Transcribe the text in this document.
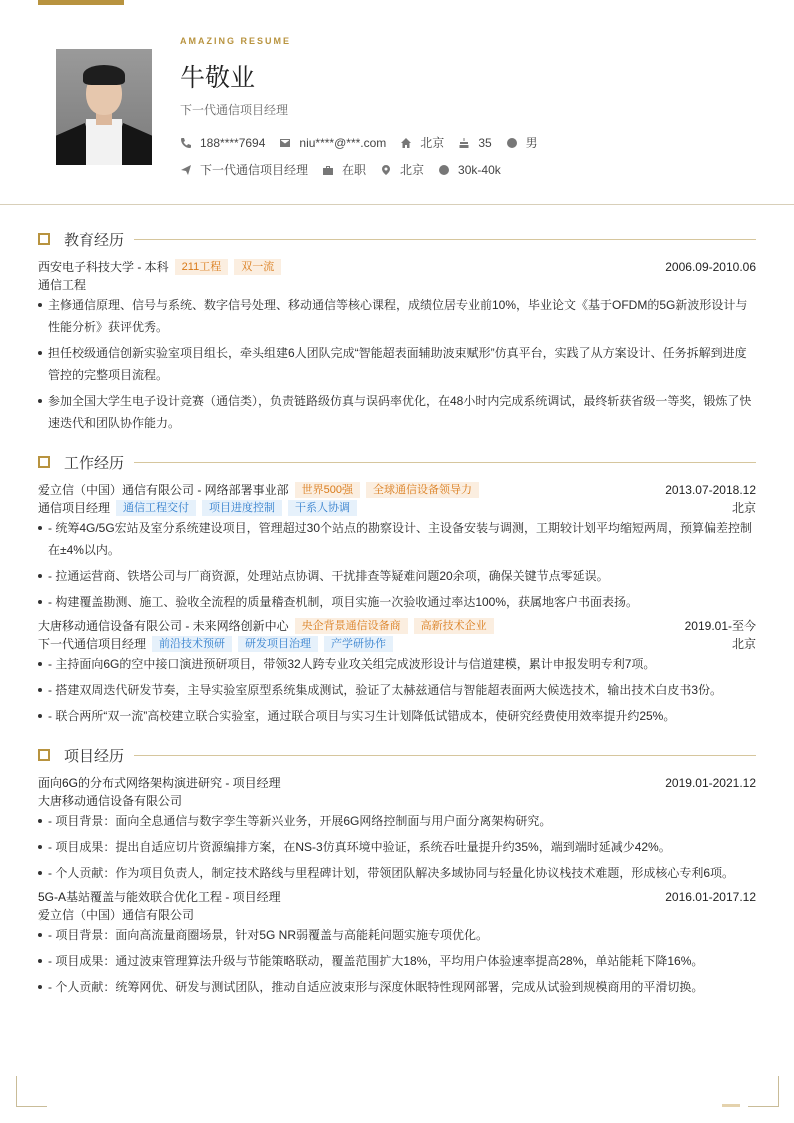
AMAZING RESUME
牛敬业
下一代通信项目经理
188****7694	niu****@***.com	北京	35	男
下一代通信项目经理	在职	北京	30k-40k
教育经历
西安电子科技大学 - 本科	211工程	双一流	2006.09-2010.06
通信工程
主修通信原理、信号与系统、数字信号处理、移动通信等核心课程，成绩位居专业前10%，毕业论文《基于OFDM的5G新波形设计与性能分析》获评优秀。
担任校级通信创新实验室项目组长，牵头组建6人团队完成“智能超表面辅助波束赋形”仿真平台，实践了从方案设计、任务拆解到进度管控的完整项目流程。
参加全国大学生电子设计竞赛（通信类），负责链路级仿真与误码率优化，在48小时内完成系统调试，最终斩获省级一等奖，锻炼了快速迭代和团队协作能力。
工作经历
爱立信（中国）通信有限公司 - 网络部署事业部	世界500强	全球通信设备领导力	2013.07-2018.12
通信项目经理	通信工程交付	项目进度控制	干系人协调	北京
- 统筹4G/5G宏站及室分系统建设项目，管理超过30个站点的勘察设计、主设备安装与调测，工期较计划平均缩短两周，预算偏差控制在±4%以内。
- 拉通运营商、铁塔公司与厂商资源，处理站点协调、干扰排查等疑难问题20余项，确保关键节点零延误。
- 构建覆盖勘测、施工、验收全流程的质量稽查机制，项目实施一次验收通过率达100%，获属地客户书面表扬。
大唐移动通信设备有限公司 - 未来网络创新中心	央企背景通信设备商	高新技术企业	2019.01-至今
下一代通信项目经理	前沿技术预研	研发项目治理	产学研协作	北京
- 主持面向6G的空中接口演进预研项目，带领32人跨专业攻关组完成波形设计与信道建模，累计申报发明专利7项。
- 搭建双周迭代研发节奏，主导实验室原型系统集成测试，验证了太赫兹通信与智能超表面两大候选技术，输出技术白皮书3份。
- 联合两所“双一流”高校建立联合实验室，通过联合项目与实习生计划降低试错成本，使研究经费使用效率提升约25%。
项目经历
面向6G的分布式网络架构演进研究 - 项目经理	2019.01-2021.12
大唐移动通信设备有限公司
- 项目背景：面向全息通信与数字孪生等新兴业务，开展6G网络控制面与用户面分离架构研究。
- 项目成果：提出自适应切片资源编排方案，在NS-3仿真环境中验证，系统吞吐量提升约35%，端到端时延减少42%。
- 个人贡献：作为项目负责人，制定技术路线与里程碑计划，带领团队解决多域协同与轻量化协议栈技术难题，形成核心专利6项。
5G-A基站覆盖与能效联合优化工程 - 项目经理	2016.01-2017.12
爱立信（中国）通信有限公司
- 项目背景：面向高流量商圈场景，针对5G NR弱覆盖与高能耗问题实施专项优化。
- 项目成果：通过波束管理算法升级与节能策略联动，覆盖范围扩大18%，平均用户体验速率提高28%，单站能耗下降16%。
- 个人贡献：统筹网优、研发与测试团队，推动自适应波束形与深度休眠特性现网部署，完成从试验到规模商用的平滑切换。
